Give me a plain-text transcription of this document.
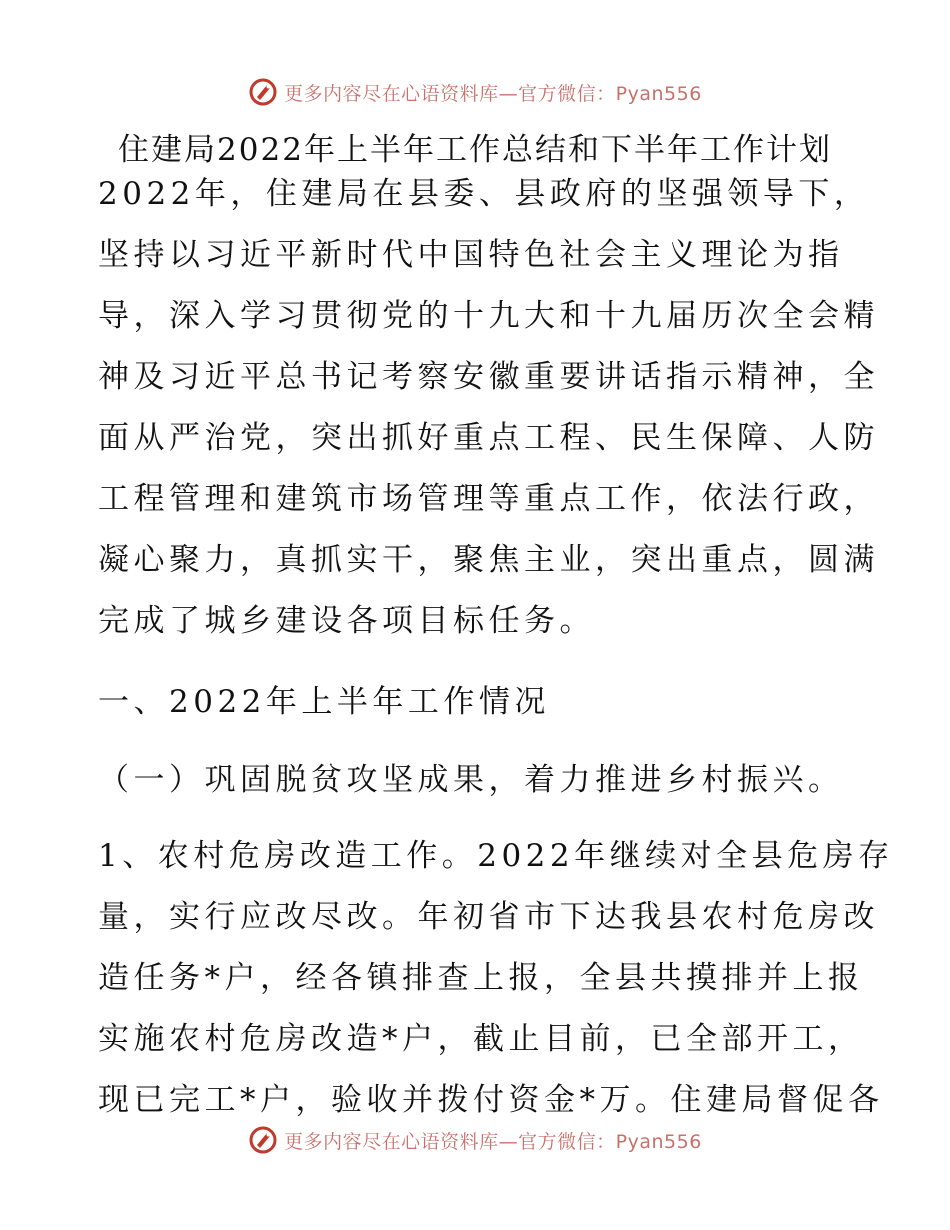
更多内容尽在心语资料库—官方微信：Pyan556
住建局2022年上半年工作总结和下半年工作计划
2022年，住建局在县委、县政府的坚强领导下，
坚持以习近平新时代中国特色社会主义理论为指
导，深入学习贯彻党的十九大和十九届历次全会精
神及习近平总书记考察安徽重要讲话指示精神，全
面从严治党，突出抓好重点工程、民生保障、人防
工程管理和建筑市场管理等重点工作，依法行政，
凝心聚力，真抓实干，聚焦主业，突出重点，圆满
完成了城乡建设各项目标任务。
一、2022年上半年工作情况
（一）巩固脱贫攻坚成果，着力推进乡村振兴。
1、农村危房改造工作。2022年继续对全县危房存
量，实行应改尽改。年初省市下达我县农村危房改
造任务*户，经各镇排查上报，全县共摸排并上报
实施农村危房改造*户，截止目前，已全部开工，
现已完工*户，验收并拨付资金*万。住建局督促各
更多内容尽在心语资料库—官方微信：Pyan556
